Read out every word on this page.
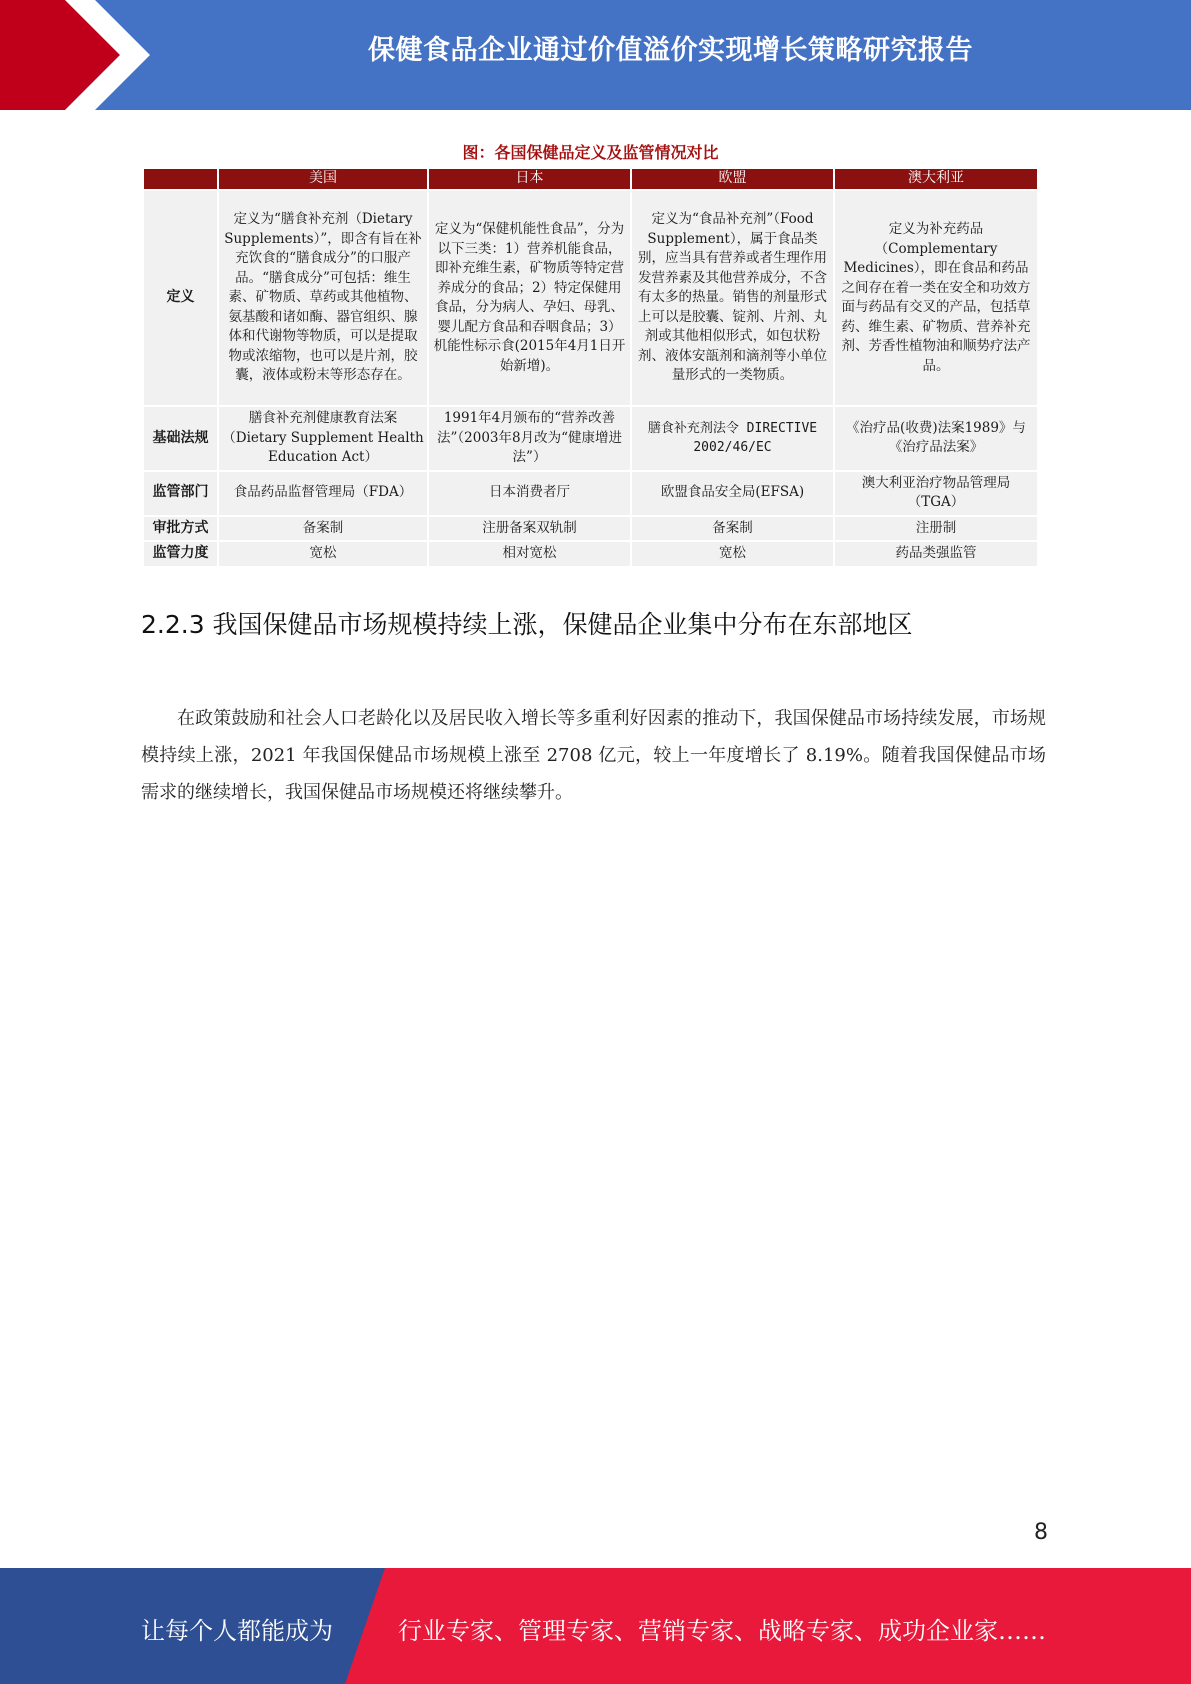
保健食品企业通过价值溢价实现增长策略研究报告
图：各国保健品定义及监管情况对比
	美国	日本	欧盟	澳大利亚
定义	定义为“膳食补充剂（Dietary Supplements）”，即含有旨在补充饮食的“膳食成分”的口服产品。“膳食成分”可包括：维生素、矿物质、草药或其他植物、氨基酸和诸如酶、器官组织、腺体和代谢物等物质，可以是提取物或浓缩物，也可以是片剂，胶囊，液体或粉末等形态存在。	定义为“保健机能性食品”，分为以下三类：1）营养机能食品，即补充维生素，矿物质等特定营养成分的食品；2）特定保健用食品，分为病人、孕妇、母乳、婴儿配方食品和吞咽食品；3）机能性标示食(2015年4月1日开始新增)。	定义为“食品补充剂”（Food Supplement），属于食品类别，应当具有营养或者生理作用发营养素及其他营养成分，不含有太多的热量。销售的剂量形式上可以是胶囊、锭剂、片剂、丸剂或其他相似形式，如包状粉剂、液体安瓿剂和滴剂等小单位量形式的一类物质。	定义为补充药品（Complementary Medicines），即在食品和药品之间存在着一类在安全和功效方面与药品有交叉的产品，包括草药、维生素、矿物质、营养补充剂、芳香性植物油和顺势疗法产品。
基础法规	膳食补充剂健康教育法案（Dietary Supplement Health Education Act）	1991年4月颁布的“营养改善法”（2003年8月改为“健康增进法”）	膳食补充剂法令 DIRECTIVE 2002/46/EC	《治疗品(收费)法案1989》与《治疗品法案》
监管部门	食品药品监督管理局（FDA）	日本消费者厅	欧盟食品安全局(EFSA)	澳大利亚治疗物品管理局（TGA）
审批方式	备案制	注册备案双轨制	备案制	注册制
监管力度	宽松	相对宽松	宽松	药品类强监管
2.2.3 我国保健品市场规模持续上涨，保健品企业集中分布在东部地区

在政策鼓励和社会人口老龄化以及居民收入增长等多重利好因素的推动下，我国保健品市场持续发展，市场规模持续上涨，2021 年我国保健品市场规模上涨至 2708 亿元，较上一年度增长了 8.19%。随着我国保健品市场需求的继续增长，我国保健品市场规模还将继续攀升。

8
让每个人都能成为	行业专家、管理专家、营销专家、战略专家、成功企业家……
